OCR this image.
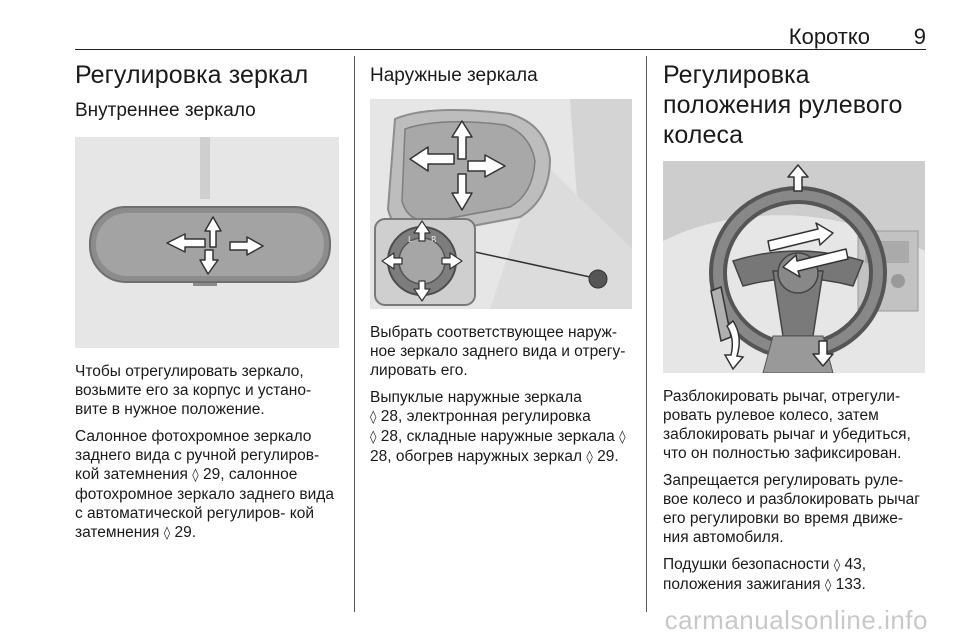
Коротко 9
Регулировка зеркал
Внутреннее зеркало

Чтобы отрегулировать зеркало, возьмите его за корпус и устано- вите в нужное положение.

Салонное фотохромное зеркало заднего вида с ручной регулиров- кой затемнения ◊ 29, салонное фотохромное зеркало заднего вида с автоматической регулиров- кой затемнения ◊ 29.

Наружные зеркала
L R

Выбрать соответствующее наруж- ное зеркало заднего вида и отрегу- лировать его.

Выпуклые наружные зеркала
◊ 28, электронная регулировка
◊ 28, складные наружные зеркала ◊ 28, обогрев наружных зеркал ◊ 29.

Регулировка положения рулевого колеса

Разблокировать рычаг, отрегули- ровать рулевое колесо, затем заблокировать рычаг и убедиться, что он полностью зафиксирован.

Запрещается регулировать руле- вое колесо и разблокировать рычаг его регулировки во время движе- ния автомобиля.

Подушки безопасности ◊ 43, положения зажигания ◊ 133.

carmanualsonline.info
